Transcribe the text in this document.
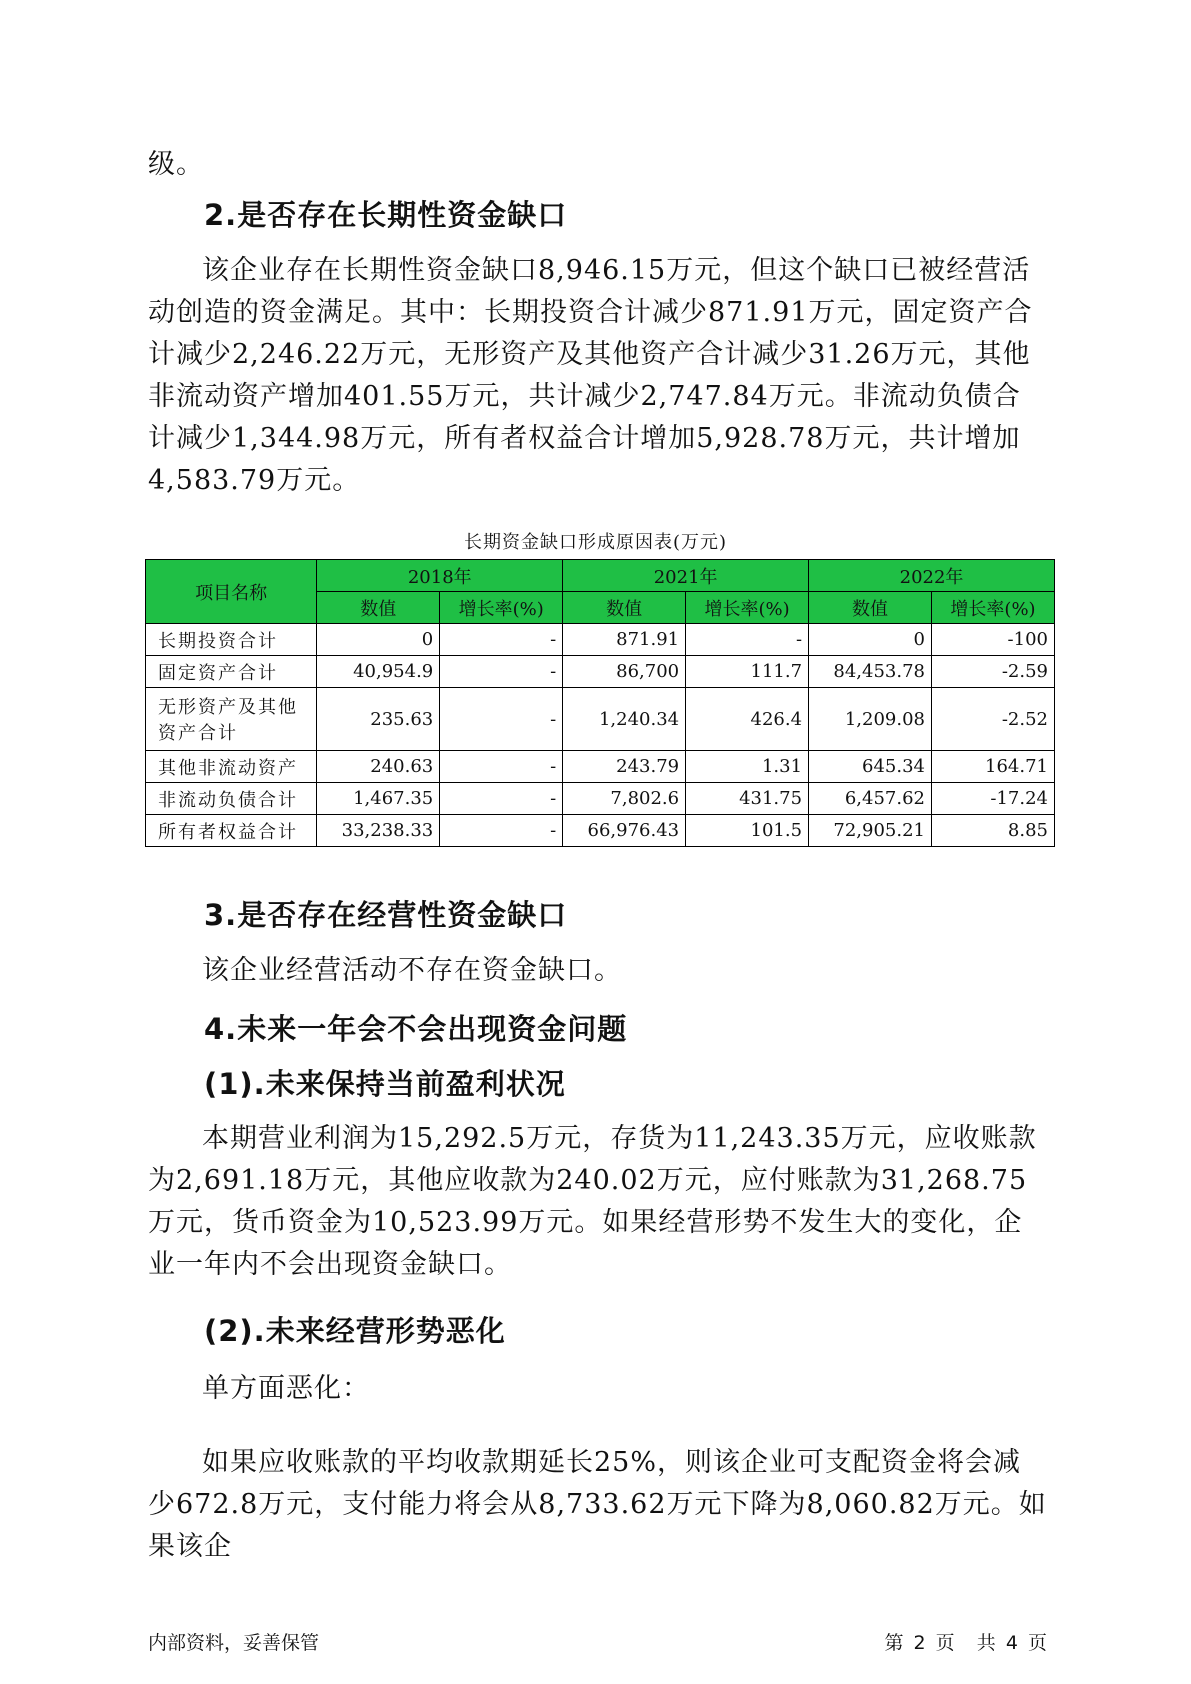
级。

2.是否存在长期性资金缺口

该企业存在长期性资金缺口8,946.15万元，但这个缺口已被经营活动创造的资金满足。其中：长期投资合计减少871.91万元，固定资产合计减少2,246.22万元，无形资产及其他资产合计减少31.26万元，其他非流动资产增加401.55万元，共计减少2,747.84万元。非流动负债合计减少1,344.98万元，所有者权益合计增加5,928.78万元，共计增加4,583.79万元。

长期资金缺口形成原因表(万元)
项目名称	2018年		2021年		2022年	
	数值	增长率(%)	数值	增长率(%)	数值	增长率(%)
长期投资合计	0	-	871.91	-	0	-100
固定资产合计	40,954.9	-	86,700	111.7	84,453.78	-2.59
无形资产及其他资产合计	235.63	-	1,240.34	426.4	1,209.08	-2.52
其他非流动资产	240.63	-	243.79	1.31	645.34	164.71
非流动负债合计	1,467.35	-	7,802.6	431.75	6,457.62	-17.24
所有者权益合计	33,238.33	-	66,976.43	101.5	72,905.21	8.85
3.是否存在经营性资金缺口

该企业经营活动不存在资金缺口。

4.未来一年会不会出现资金问题
(1).未来保持当前盈利状况

本期营业利润为15,292.5万元，存货为11,243.35万元，应收账款为2,691.18万元，其他应收款为240.02万元，应付账款为31,268.75万元，货币资金为10,523.99万元。如果经营形势不发生大的变化，企业一年内不会出现资金缺口。

(2).未来经营形势恶化

单方面恶化：

如果应收账款的平均收款期延长25%，则该企业可支配资金将会减少672.8万元，支付能力将会从8,733.62万元下降为8,060.82万元。如果该企

内部资料，妥善保管	第 2 页 共 4 页
